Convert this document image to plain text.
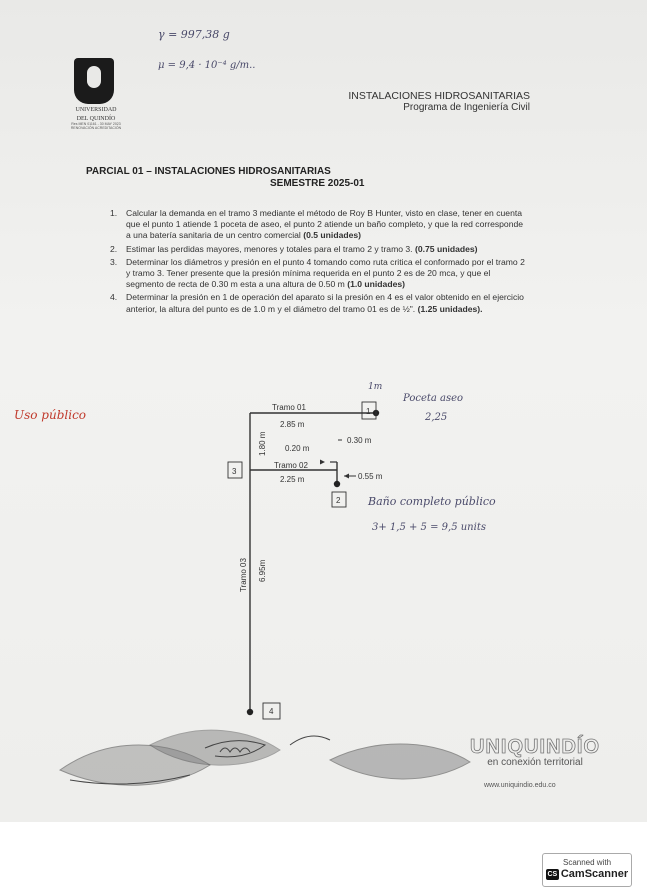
γ = 997,38 g
μ = 9,4 · 10⁻⁴ g/m..
Uso público
1m
Poceta aseo
2,25
Baño completo público
3+ 1,5 + 5 = 9,5 units
UNIVERSIDAD
DEL QUINDÍO
Res MEN 01161 - 30 MAY 2023
RENOVACIÓN ACREDITACIÓN
INSTALACIONES HIDROSANITARIAS
Programa de Ingeniería Civil
PARCIAL 01 – INSTALACIONES HIDROSANITARIAS
SEMESTRE 2025-01
1. Calcular la demanda en el tramo 3 mediante el método de Roy B Hunter, visto en clase, tener en cuenta que el punto 1 atiende 1 poceta de aseo, el punto 2 atiende un baño completo, y que la red corresponde a una batería sanitaria de un centro comercial (0.5 unidades)
2. Estimar las perdidas mayores, menores y totales para el tramo 2 y tramo 3. (0.75 unidades)
3. Determinar los diámetros y presión en el punto 4 tomando como ruta critica el conformado por el tramo 2 y tramo 3. Tener presente que la presión mínima requerida en el punto 2 es de 20 mca, y que el segmento de recta de 0.30 m esta a una altura de 0.50 m (1.0 unidades)
4. Determinar la presión en 1 de operación del aparato si la presión en 4 es el valor obtenido en el ejercicio anterior, la altura del punto es de 1.0 m y el diámetro del tramo 01 es de ½". (1.25 unidades).
1
2
3
4
Tramo 01
2.85 m
0.20 m
0.30 m
Tramo 02
2.25 m	0.55 m
1.80 m
Tramo 03 6.95m
UNIQUINDÍO
en conexión territorial
www.uniquindio.edu.co
Scanned with
CS CamScanner
